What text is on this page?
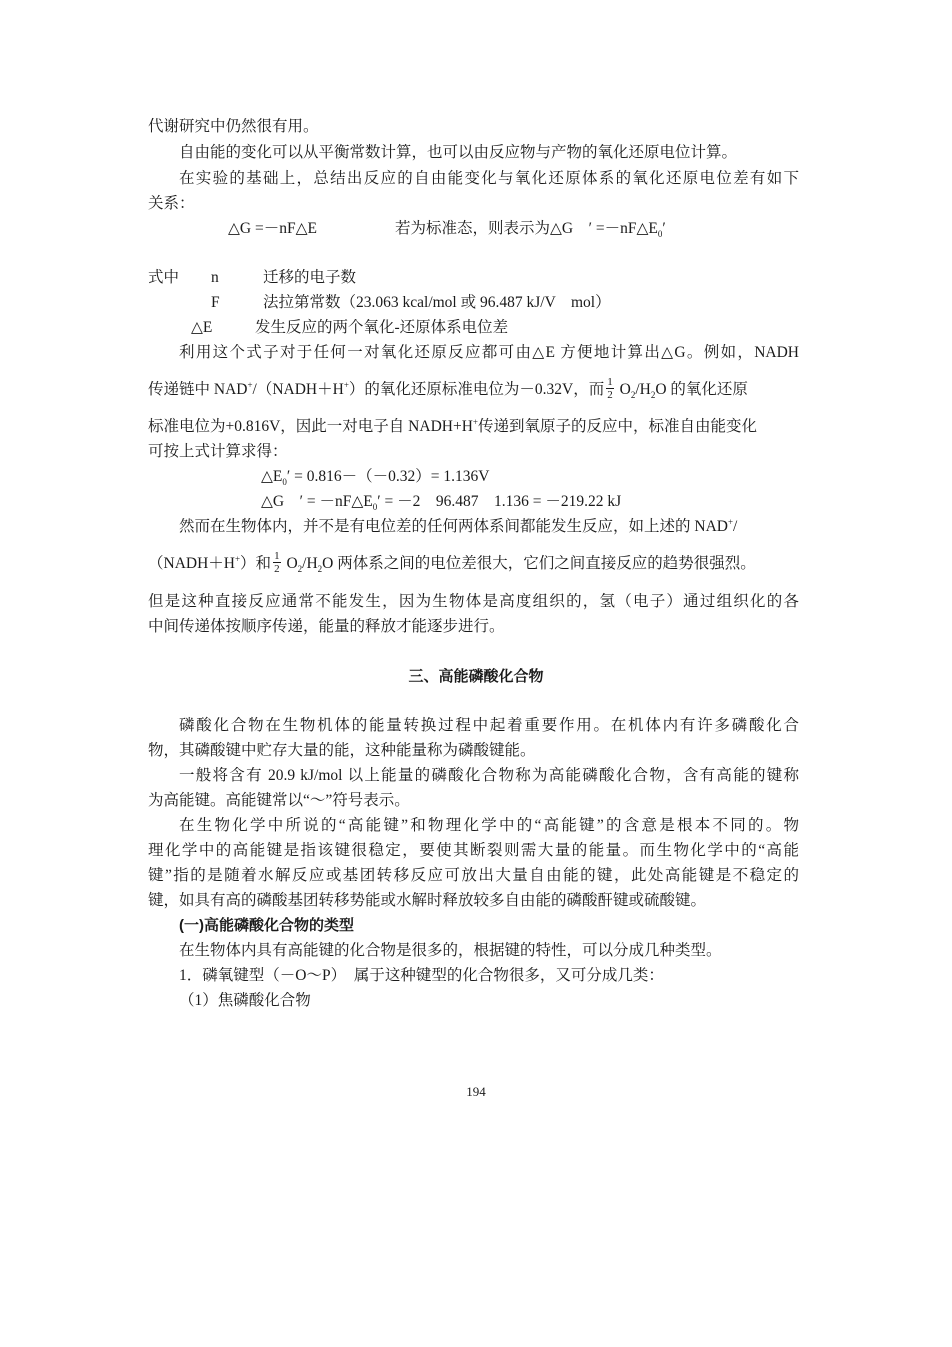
代谢研究中仍然很有用。
自由能的变化可以从平衡常数计算，也可以由反应物与产物的氧化还原电位计算。
在实验的基础上，总结出反应的自由能变化与氧化还原体系的氧化还原电位差有如下
关系：
△G =－nF△E	若为标准态，则表示为△G　′ $=-nF\triangle E_0'$
式中 n	迁移的电子数
F	法拉第常数（23.063 kcal/mol 或 96.487 kJ/V　mol）
△E	发生反应的两个氧化-还原体系电位差
利用这个式子对于任何一对氧化还原反应都可由△E 方便地计算出△G。例如，NADH
传递链中 NAD+/（NADH＋H+）的氧化还原标准电位为－0.32V，而 $\frac{1}{2} O_2/H_2O$ 的氧化还原
标准电位为+0.816V，因此一对电子自 NADH+H+传递到氧原子的反应中，标准自由能变化
可按上式计算求得：
$\triangle E_0' = 0.816-(-0.32)= 1.136V$
△G　′ = $-nF\triangle E_0' = -2$　96.487　1.136 = －219.22 kJ
然而在生物体内，并不是有电位差的任何两体系间都能发生反应，如上述的 NAD+/
（NADH＋H+）和 $\frac{1}{2} O_2/H_2O$ 两体系之间的电位差很大，它们之间直接反应的趋势很强烈。
但是这种直接反应通常不能发生，因为生物体是高度组织的，氢（电子）通过组织化的各
中间传递体按顺序传递，能量的释放才能逐步进行。
三、高能磷酸化合物
磷酸化合物在生物机体的能量转换过程中起着重要作用。在机体内有许多磷酸化合
物，其磷酸键中贮存大量的能，这种能量称为磷酸键能。
一般将含有 20.9 kJ/mol 以上能量的磷酸化合物称为高能磷酸化合物，含有高能的键称
为高能键。高能键常以“～”符号表示。
在生物化学中所说的“高能键”和物理化学中的“高能键”的含意是根本不同的。物
理化学中的高能键是指该键很稳定，要使其断裂则需大量的能量。而生物化学中的“高能
键”指的是随着水解反应或基团转移反应可放出大量自由能的键，此处高能键是不稳定的
键，如具有高的磷酸基团转移势能或水解时释放较多自由能的磷酸酐键或硫酸键。
(一)高能磷酸化合物的类型
在生物体内具有高能键的化合物是很多的，根据键的特性，可以分成几种类型。
1．磷氧键型（－O～P）　属于这种键型的化合物很多，又可分成几类：
（1）焦磷酸化合物
194
